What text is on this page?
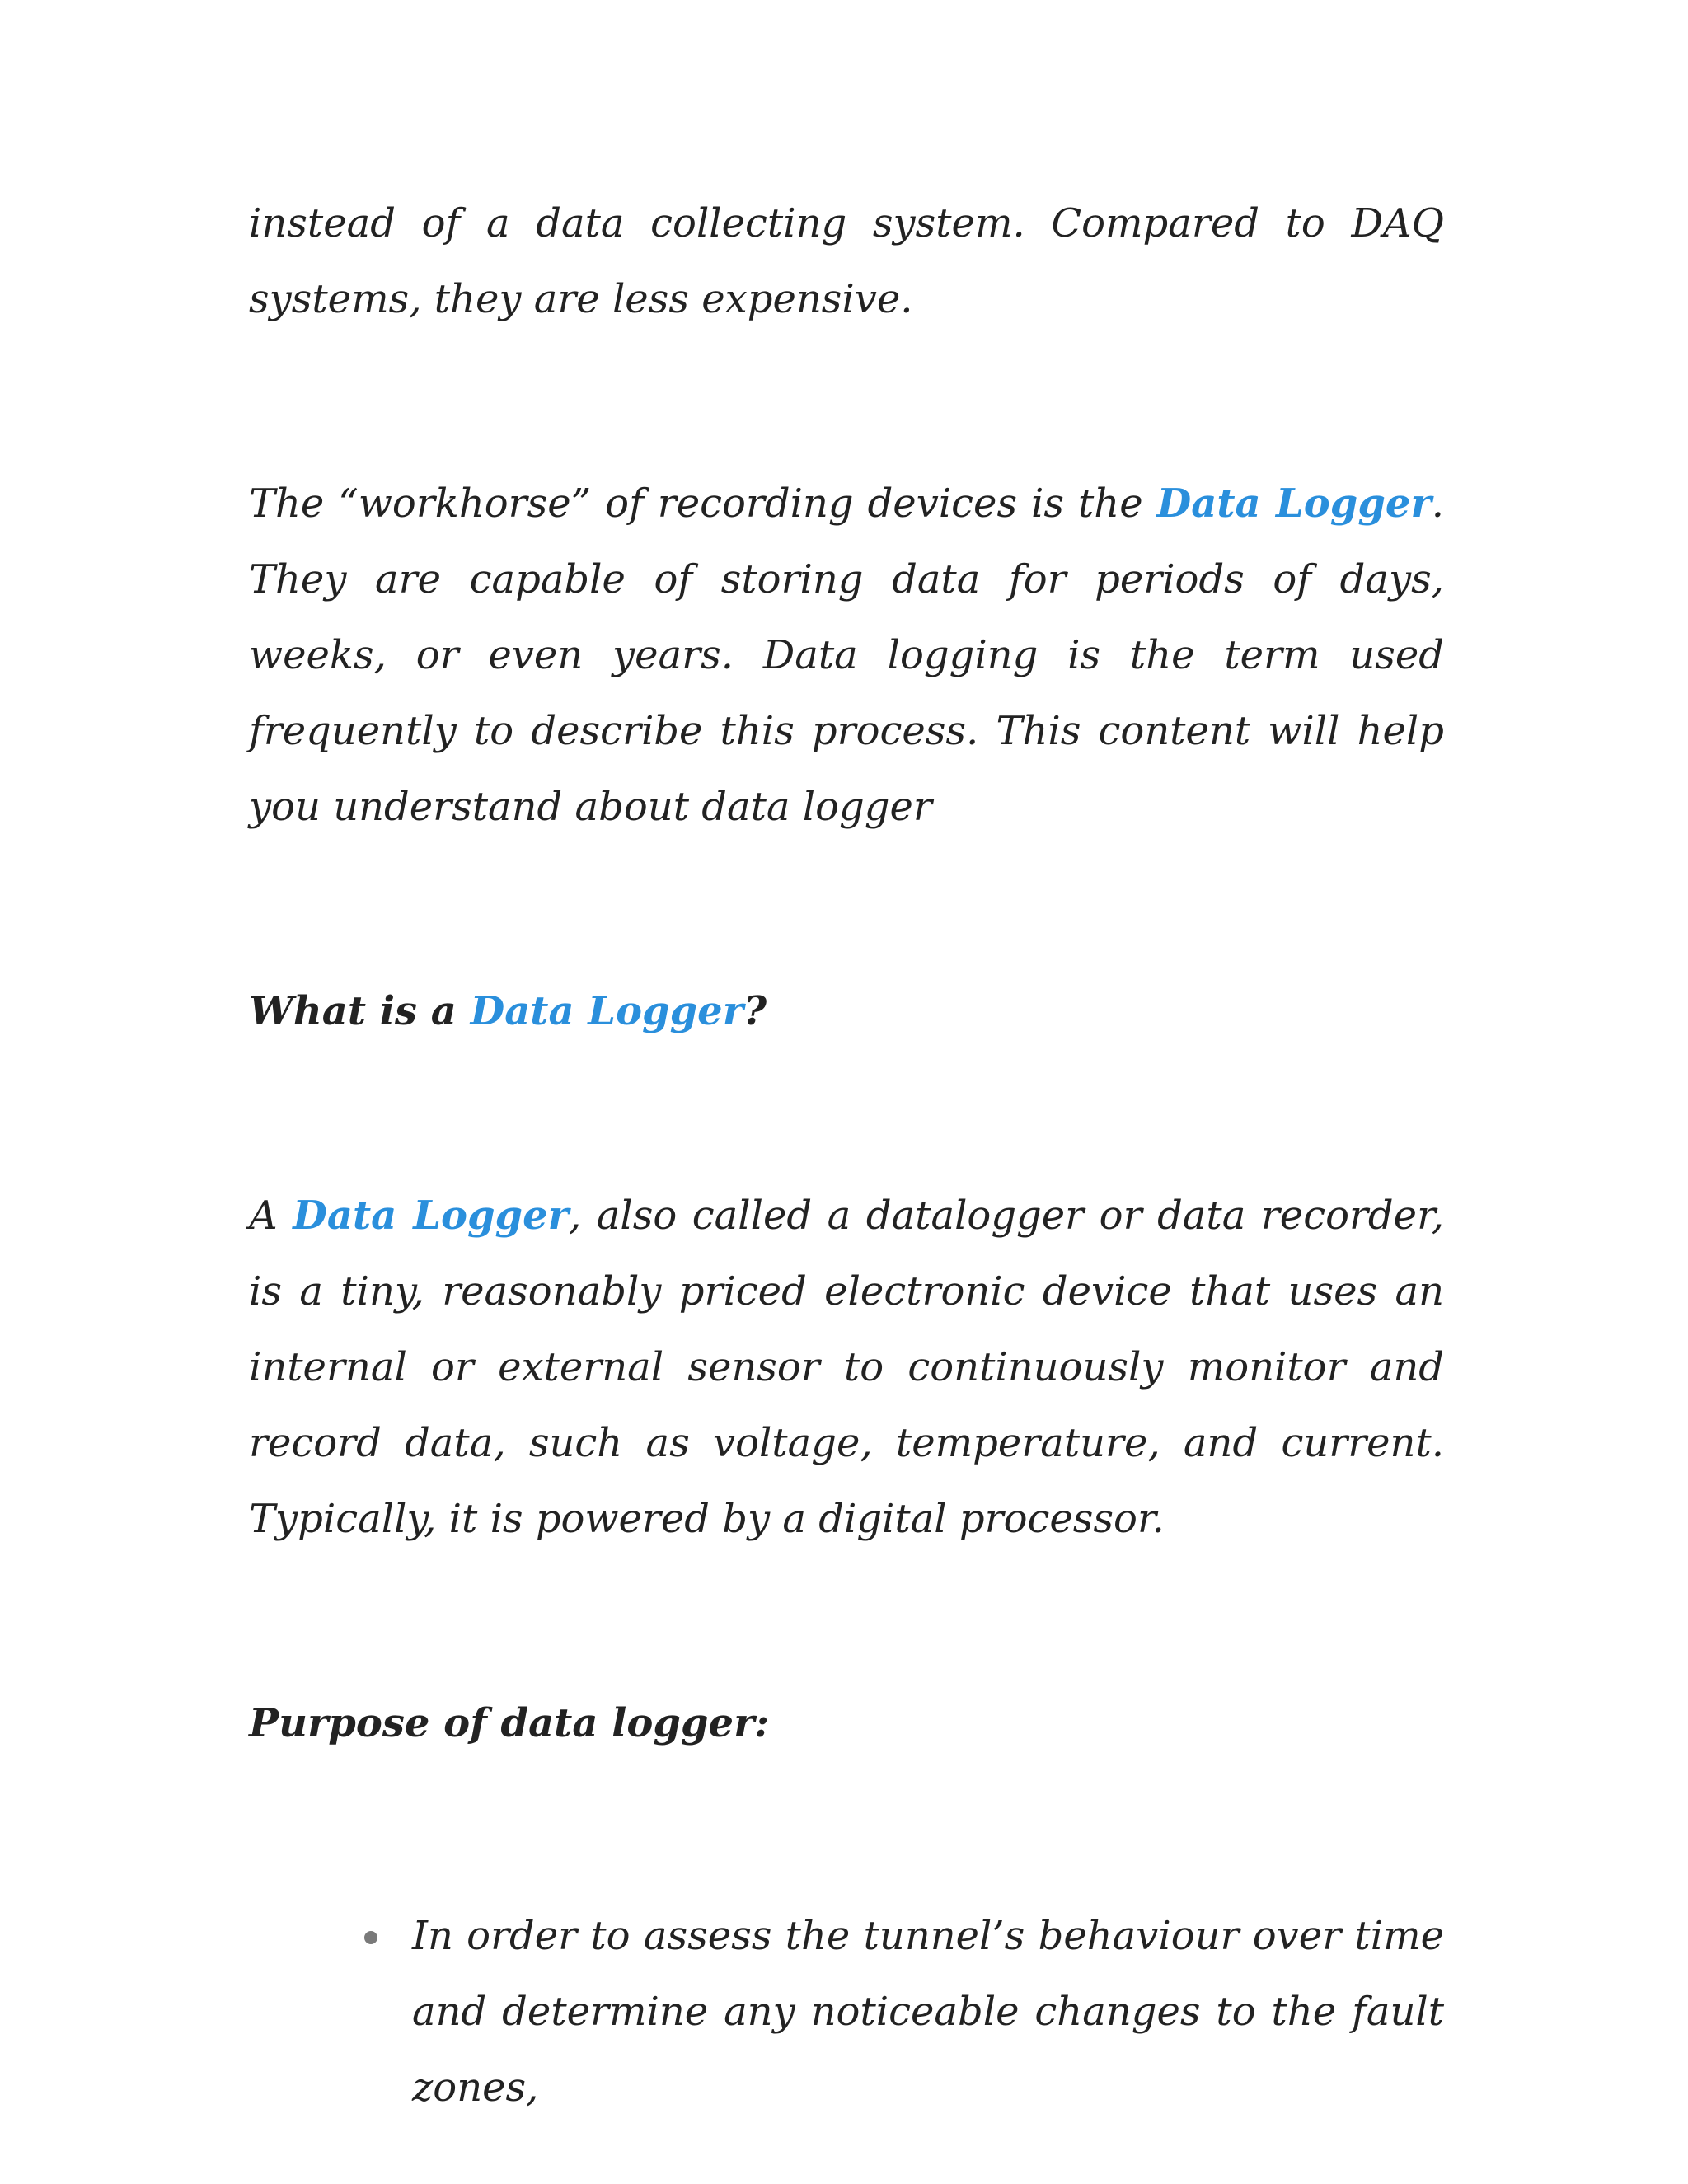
instead of a data collecting system. Compared to DAQ systems, they are less expensive.

The “workhorse” of recording devices is the Data Logger. They are capable of storing data for periods of days, weeks, or even years. Data logging is the term used frequently to describe this process. This content will help you understand about data logger

What is a Data Logger?

A Data Logger, also called a datalogger or data recorder, is a tiny, reasonably priced electronic device that uses an internal or external sensor to continuously monitor and record data, such as voltage, temperature, and current. Typically, it is powered by a digital processor.

Purpose of data logger:

In order to assess the tunnel’s behaviour over time and determine any noticeable changes to the fault zones,
